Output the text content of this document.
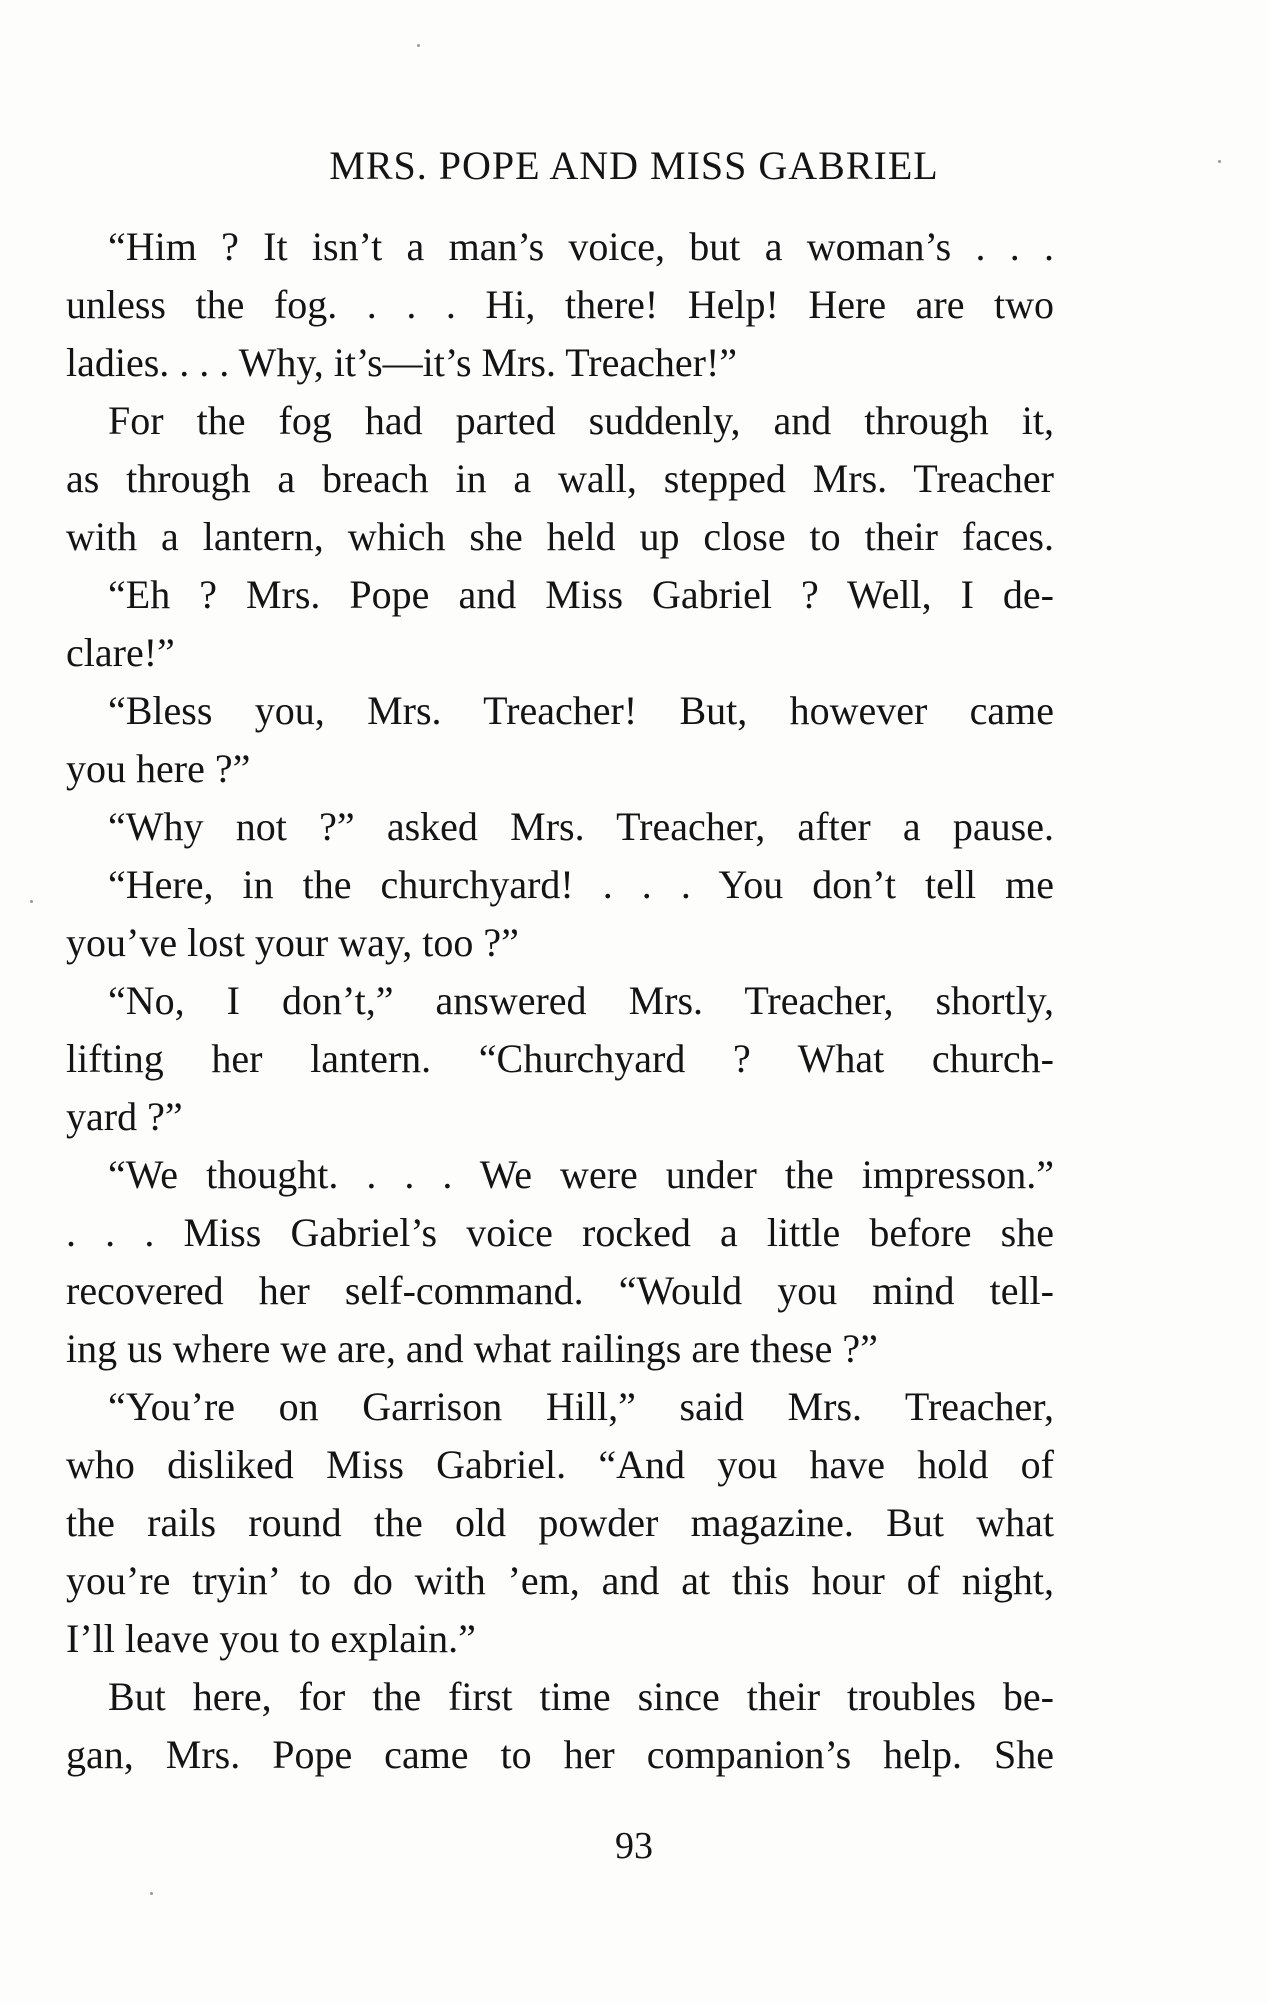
MRS. POPE AND MISS GABRIEL
“Him ? It isn’t a man’s voice, but a woman’s . . .
unless the fog. . . . Hi, there! Help! Here are two
ladies. . . . Why, it’s—it’s Mrs. Treacher!”
For the fog had parted suddenly, and through it,
as through a breach in a wall, stepped Mrs. Treacher
with a lantern, which she held up close to their faces.
“Eh ? Mrs. Pope and Miss Gabriel ? Well, I de-
clare!”
“Bless you, Mrs. Treacher! But, however came
you here ?”
“Why not ?” asked Mrs. Treacher, after a pause.
“Here, in the churchyard! . . . You don’t tell me
you’ve lost your way, too ?”
“No, I don’t,” answered Mrs. Treacher, shortly,
lifting her lantern. “Churchyard ? What church-
yard ?”
“We thought. . . . We were under the impresson.”
. . . Miss Gabriel’s voice rocked a little before she
recovered her self-command. “Would you mind tell-
ing us where we are, and what railings are these ?”
“You’re on Garrison Hill,” said Mrs. Treacher,
who disliked Miss Gabriel. “And you have hold of
the rails round the old powder magazine. But what
you’re tryin’ to do with ’em, and at this hour of night,
I’ll leave you to explain.”
But here, for the first time since their troubles be-
gan, Mrs. Pope came to her companion’s help. She
93
